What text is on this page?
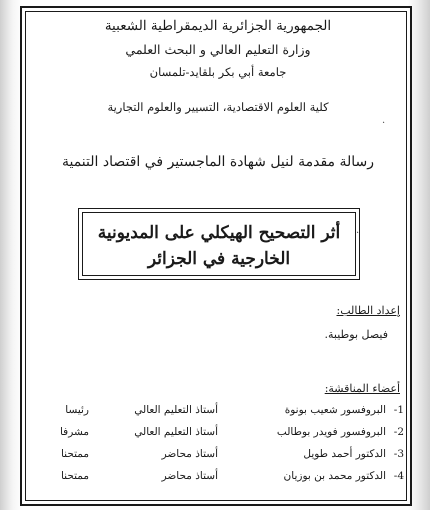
الجمهورية الجزائرية الديمقراطية الشعبية
وزارة التعليم العالي و البحث العلمي
جامعة أبي بكر بلقايد-تلمسان
كلية العلوم الاقتصادية، التسيير والعلوم التجارية
رسالة مقدمة لنيل شهادة الماجستير في اقتصاد التنمية
أثر التصحيح الهيكلي على المديونية
الخارجية في الجزائر
إعداد الطالب:
فيصل بوطيبة.
أعضاء المناقشة:
1-
البروفسور شعيب بونوة
أستاذ التعليم العالي
رئيسا
2-
البروفسور فويدر بوطالب
أستاذ التعليم العالي
مشرفا
3-
الدكتور أحمد طويل
أستاذ محاضر
ممتحنا
4-
الدكتور محمد بن بوزيان
أستاذ محاضر
ممتحنا
·
·
